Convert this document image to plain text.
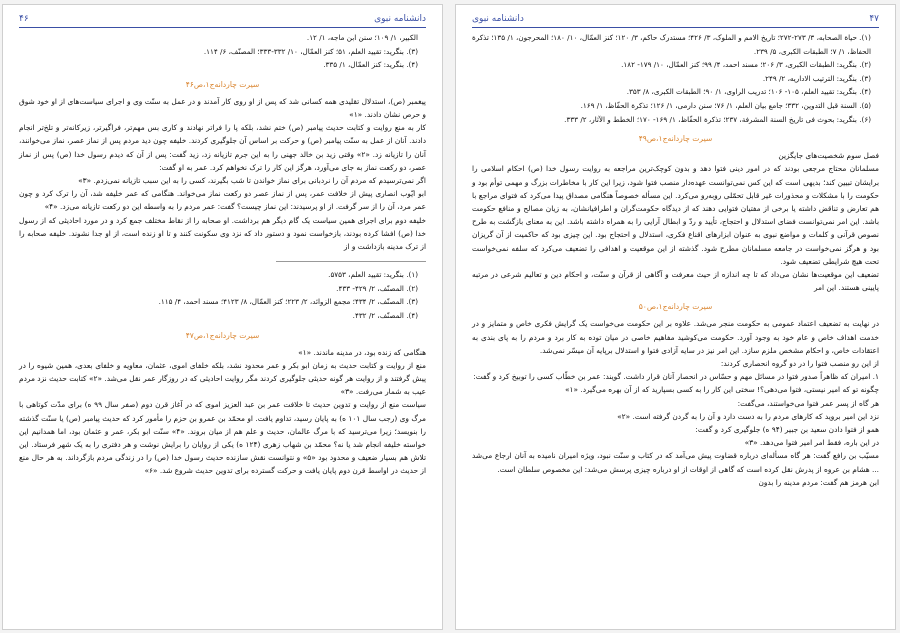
دانشنامه نبوی
۴۶

الکبیر، ۱/ ۱۰۹؛ سنن ابن ماجه، ۱/ ۱۲.

(۳). بنگرید: تقیید العلم، ۵۱؛ کنز العمّال، ۱۰/ ۳۳۲-۳۳۳؛ المصنّف، ۶/ ۱۱۴.

(۴). بنگرید: کنز العمّال، ۱/ ۳۳۵.

سیرت چاردانه‌ج۱،ص۴۶

پیغمبر (ص)، استدلال تقلیدی همه کسانی شد که پس از او روی کار آمدند و در عمل به سنّت وی و اجرای سیاست‌های از او خود شوق و حرص نشان دادند. «۱»

کار به منع روایت و کتابت حدیث پیامبر (ص) ختم نشد، بلکه پا را فراتر نهادند و کاری بس مهم‌تر، فراگیرتر، زیرکانه‌تر و تلخ‌تر انجام دادند. آنان از عمل به سنّت پیامبر (ص) و حرکت بر اساس آن جلوگیری کردند. خلیفه چون دید مردم پس از نماز عصر، نماز می‌خوانند، آنان را تازیانه زد. «۲» وقتی زید بن خالد جهنی را به این جرم تازیانه زد، زید گفت: پس از آن که دیدم رسول خدا (ص) پس از نماز عصر، دو رکعت نماز به جای می‌آورد، هرگز این کار را ترک نخواهم کرد. عمر به او گفت:

اگر نمی‌ترسیدم که مردم آن را نردبانی برای نماز خواندن تا شب بگیرند، کسی را به این سبب تازیانه نمی‌زدم. «۳»

ابو ایّوب انصاری پیش از خلافت عمر، پس از نماز عصر دو رکعت نماز می‌خواند. هنگامی که عمر خلیفه شد، آن را ترک کرد و چون عمر مرد، آن را از سر گرفت. از او پرسیدند: این نماز چیست؟ گفت: عمر مردم را به واسطه این دو رکعت تازیانه می‌زد. «۴»

خلیفه دوم برای اجرای همین سیاست یک گام دیگر هم برداشت. او صحابه را از نقاط مختلف جمع کرد و در مورد احادیثی که از رسول خدا (ص) افشا کرده بودند، بازخواست نمود و دستور داد که نزد وی سکونت کنند و تا او زنده است، از او جدا نشوند. خلیفه صحابه را از ترک مدینه بازداشت و از

(۱). بنگرید: تقیید العلم، ۵۷۵۳.

(۲). المصنّف، ۲/ ۴۲۹- ۴۳۳.

(۳). المصنّف، ۲/ ۴۳۴؛ مجمع الزوائد، ۲/ ۲۲۳؛ کنز العمّال، ۸/ ۴۱۲۳؛ مسند احمد، ۴/ ۱۱۵.

(۴). المصنّف، ۲/ ۴۳۲.

سیرت چاردانه‌ج۱،ص۴۷

هنگامی که زنده بود، در مدینه ماندند. «۱»

منع از روایت و کتابت حدیث به زمان ابو بکر و عمر محدود نشد، بلکه خلفای اموی، عثمان، معاویه و خلفای بعدی، همین شیوه را در پیش گرفتند و از روایت هر گونه حدیثی جلوگیری کردند مگر روایت احادیثی که در روزگار عمر نقل می‌شد. «۲» کتابت حدیث نزد مردم عیب به شمار می‌رفت. «۳»

سیاست منع از روایت و تدوین حدیث تا خلافت عمر بن عبد العزیز اموی که در آغاز قرن دوم (صفر سال ۹۹ ه) برای مدّت کوتاهی با مرگ وی (رجب سال ۱۰۱ ه) به پایان رسید، تداوم یافت. او محمّد بن عمرو بن حزم را مأمور کرد که حدیث پیامبر (ص) یا سنّت گذشته را بنویسد؛ زیرا می‌ترسید که با مرگ عالمان، حدیث و علم هم از میان بروند. «۴» سنّت ابو بکر، عمر و عثمان بود، اما همدانیم این خواسته خلیفه انجام شد یا نه؟ محمّد بن شهاب زهری (۱۲۴ ه) یکی از روایان را برایش نوشت و هر دفتری را به یک شهر فرستاد. این تلاش هم بسیار ضعیف و محدود بود «۵» و نتوانست نقش سازنده حدیث رسول خدا (ص) را در زندگی مردم بازگرداند. به هر حال منع از حدیث در اواسط قرن دوم پایان یافت و حرکت گسترده برای تدوین حدیث شروع شد. «۶»

دانشنامه نبوی	۴۷

(۱). حیاة الصحابه، ۳/ ۲۷۳-۲۷۲؛ تاریخ الامم و الملوک، ۳/ ۴۲۶؛ مستدرک حاکم، ۳/ ۱۲۰؛ کنز العمّال، ۱۰/ ۱۸۰؛ المحرجون، ۱/ ۱۳۵؛ تذکرة الحفاظ، ۱/ ۷؛ الطبقات الکبری، ۵/ ۲۳۹.

(۲). بنگرید: الطبقات الکبری، ۳/ ۲۰۶؛ مسند احمد، ۴/ ۹۹؛ کنز العمّال، ۱۰/ ۱۷۹- ۱۸۲.

(۳). بنگرید: الترتیب الاداریه، ۲/ ۲۴۹.

(۴). بنگرید: تقیید العلم، ۱۰۵- ۱۰۶؛ تدریب الراوی، ۱/ ۹۰؛ الطبقات الکبری، ۸/ ۳۵۳.

(۵). السنة قبل التدوین، ۳۳۲؛ جامع بیان العلم، ۱/ ۷۶؛ سنن دارمی، ۱/ ۱۲۶؛ تذکرة الحفّاظ، ۱/ ۱۶۹.

(۶). بنگرید: بحوث فی تاریخ السنة المشرفة، ۲۳۷؛ تذکرة الحفّاظ، ۱/ ۱۶۹- ۱۷۰؛ الخطط و الآثار، ۲/ ۳۳۳.

سیرت چاردانه‌ج۱،ص۴۹

فصل سوم شخصیت‌های جایگزین

مسلمانان محتاج مرجعی بودند که در امور دینی فتوا دهد و بدون کوچک‌ترین مراجعه به روایت رسول خدا (ص) احکام اسلامی را برایشان تبیین کند؛ بدیهی است که این کس نمی‌توانست عهده‌دار منصب فتوا شود، زیرا این کار با مخاطرات بزرگ و مهمی توأم بود و حکومت را با مشکلات و محذورات غیر قابل تحمّلی روبه‌رو می‌کرد. این مسأله خصوصاً هنگامی مصداق پیدا می‌کرد که فتوای مراجع با هم تعارض و تناقض داشته یا برخی از مفتیان فتوایی دهند که از دیدگاه حکومت‌گران و اطرافیانشان، به زیان مصالح و منافع حکومت باشد. این امر نمی‌توانست فضای استدلال و احتجاج، تأیید و ردّ و ابطال آرایی را به همراه داشته باشد. این به معنای بازگشت به طرح نصوص قرآنی و کلمات و مواضع نبوی به عنوان ابزارهای اقناع فکری، استدلال و احتجاج بود. این چیزی بود که حاکمیت از آن گریزان بود و هرگز نمی‌خواست در جامعه مسلمانان مطرح شود. گذشته از این موقعیت و اهدافی را تضعیف می‌کرد که سلفه نمی‌خواست تحت هیچ شرایطی تضعیف شود.

تضعیف این موقعیت‌ها نشان می‌داد که تا چه اندازه از حیث معرفت و آگاهی از قرآن و سنّت، و احکام دین و تعالیم شرعی در مرتبه پایینی هستند. این امر

سیرت چاردانه‌ج۱،ص۵۰

در نهایت به تضعیف اعتماد عمومی به حکومت منجر می‌شد. علاوه بر این حکومت می‌خواست یک گرایش فکری خاص و متمایز و در خدمت اهداف خاص و عام خود به وجود آورد. حکومت می‌کوشید مفاهیم خاصی در میان توده به کار برد و مردم را به پای بندی به اعتقادات خاص، و احکام مشخص ملزم سازد. این امر نیز در سایه آزادی فتوا و استدلال برپایه آن میسّر نمی‌شد.

از این رو منصب فتوا را در دو گروه انحصاری کردند:

۱. امیران که ظاهراً صدور فتوا در مسائل مهم و حسّاس در انحصار آنان قرار داشت. گویند: عمر بن خطّاب کسی را توبیخ کرد و گفت:

چگونه تو که امیر نیستی، فتوا می‌دهی؟! سختی این کار را به کسی بسپارید که از آن بهره می‌گیرد. «۱»

هر گاه از پسر عمر فتوا می‌خواستند، می‌گفت:

نزد این امیر بروید که کارهای مردم را به دست دارد و آن را به گردن گرفته است. «۲»

همو از فتوا دادن سعید بن جبیر (۹۴ ه) جلوگیری کرد و گفت:

در این باره، فقط امر امیر فتوا می‌دهد. «۳»

مسیّب بن رافع گفت: هر گاه مسأله‌ای درباره قضاوت پیش می‌آمد که در کتاب و سنّت نبود، ویژه امیران نامیده به آنان ارجاع می‌شد ... هشام بن عروه از پدرش نقل کرده است که گاهی از اوقات از او درباره چیزی پرسش می‌شد: این مخصوص سلطان است.

ابن هرمز هم گفت: مردم مدینه را بدون
